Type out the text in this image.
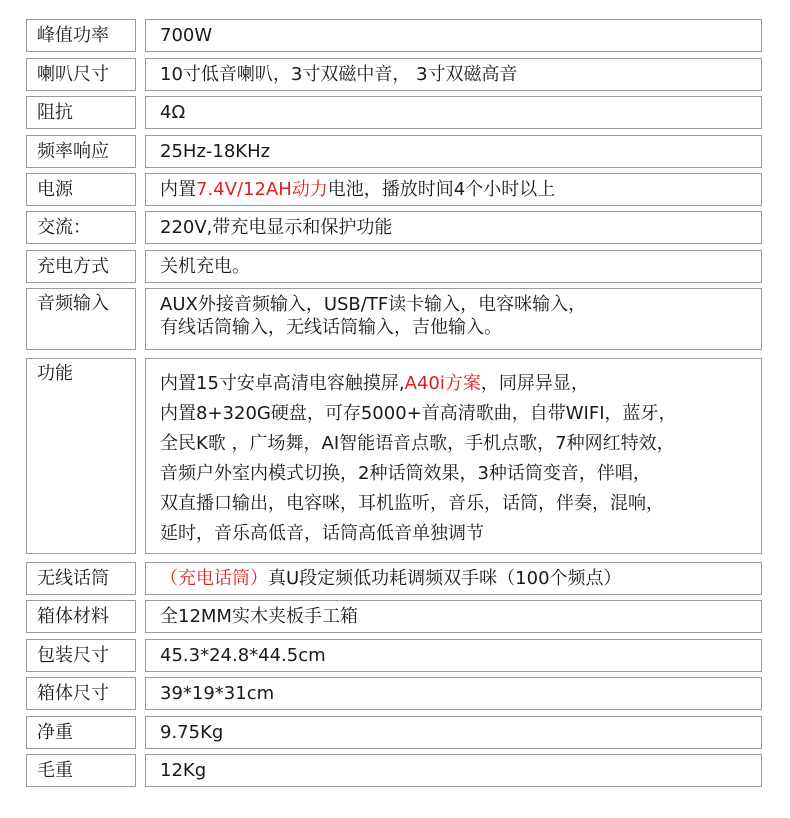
峰值功率	700W
喇叭尺寸	10寸低音喇叭，3寸双磁中音， 3寸双磁高音
阻抗	4Ω
频率响应	25Hz-18KHz
电源	内置7.4V/12AH动力电池，播放时间4个小时以上
交流：	220V,带充电显示和保护功能
充电方式	关机充电。
音频输入	AUX外接音频输入，USB/TF读卡输入，电容咪输入，
有线话筒输入，无线话筒输入，吉他输入。
功能	内置15寸安卓高清电容触摸屏,A40i方案，同屏异显，
内置8+320G硬盘，可存5000+首高清歌曲，自带WIFI，蓝牙，
全民K歌 ，广场舞，AI智能语音点歌，手机点歌，7种网红特效，
音频户外室内模式切换，2种话筒效果，3种话筒变音，伴唱，
双直播口输出，电容咪，耳机监听，音乐，话筒，伴奏，混响，
延时，音乐高低音，话筒高低音单独调节
无线话筒	（充电话筒）真U段定频低功耗调频双手咪（100个频点）
箱体材料	全12MM实木夹板手工箱
包装尺寸	45.3*24.8*44.5cm
箱体尺寸	39*19*31cm
净重	9.75Kg
毛重	12Kg
